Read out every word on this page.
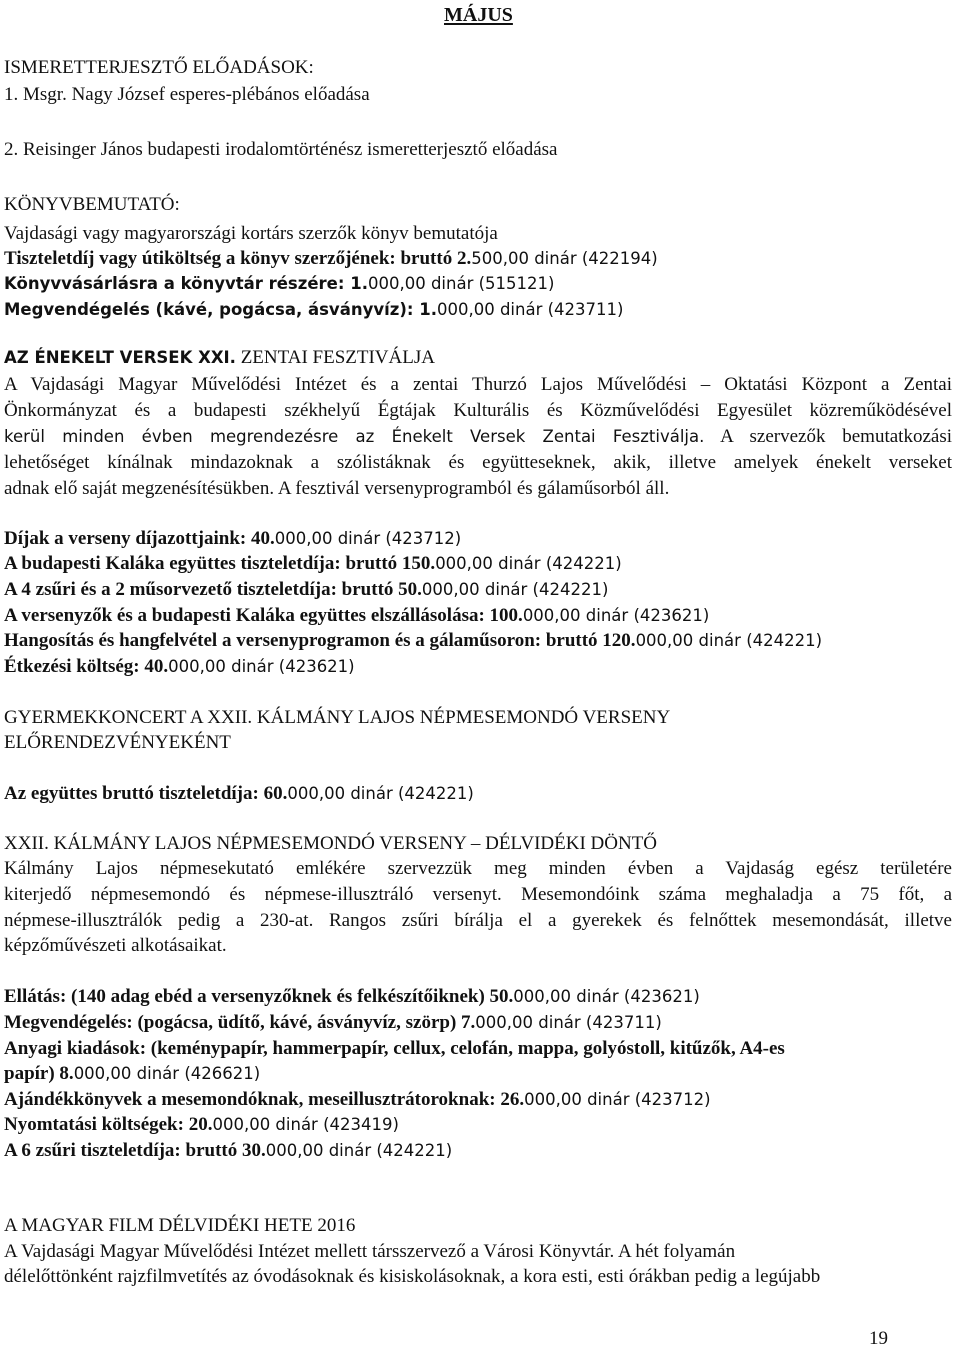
MÁJUS
ISMERETTERJESZTŐ ELŐADÁSOK:
1. Msgr. Nagy József esperes-plébános előadása
2. Reisinger János budapesti irodalomtörténész ismeretterjesztő előadása
KÖNYVBEMUTATÓ:
Vajdasági vagy magyarországi kortárs szerzők könyv bemutatója
Tiszteletdíj vagy útiköltség a könyv szerzőjének: bruttó 2.500,00 dinár (422194)
Könyvvásárlásra a könyvtár részére: 1.000,00 dinár (515121)
Megvendégelés (kávé, pogácsa, ásványvíz): 1.000,00 dinár (423711)
AZ ÉNEKELT VERSEK XXI. ZENTAI FESZTIVÁLJA
A Vajdasági Magyar Művelődési Intézet és a zentai Thurzó Lajos Művelődési – Oktatási Központ a Zentai
Önkormányzat és a budapesti székhelyű Égtájak Kulturális és Közművelődési Egyesület közreműködésével
kerül minden évben megrendezésre az Énekelt Versek Zentai Fesztiválja. A szervezők bemutatkozási
lehetőséget kínálnak mindazoknak a szólistáknak és együtteseknek, akik, illetve amelyek énekelt verseket
adnak elő saját megzenésítésükben. A fesztivál versenyprogramból és gálaműsorból áll.
Díjak a verseny díjazottjaink: 40.000,00 dinár (423712)
A budapesti Kaláka együttes tiszteletdíja: bruttó 150.000,00 dinár (424221)
A 4 zsűri és a 2 műsorvezető tiszteletdíja: bruttó 50.000,00 dinár (424221)
A versenyzők és a budapesti Kaláka együttes elszállásolása: 100.000,00 dinár (423621)
Hangosítás és hangfelvétel a versenyprogramon és a gálaműsoron: bruttó 120.000,00 dinár (424221)
Étkezési költség: 40.000,00 dinár (423621)
GYERMEKKONCERT A XXII. KÁLMÁNY LAJOS NÉPMESEMONDÓ VERSENY
ELŐRENDEZVÉNYEKÉNT
Az együttes bruttó tiszteletdíja: 60.000,00 dinár (424221)
XXII. KÁLMÁNY LAJOS NÉPMESEMONDÓ VERSENY – DÉLVIDÉKI DÖNTŐ
Kálmány Lajos népmesekutató emlékére szervezzük meg minden évben a Vajdaság egész területére
kiterjedő népmesemondó és népmese-illusztráló versenyt. Mesemondóink száma meghaladja a 75 főt, a
népmese-illusztrálók pedig a 230-at. Rangos zsűri bírálja el a gyerekek és felnőttek mesemondását, illetve
képzőművészeti alkotásaikat.
Ellátás: (140 adag ebéd a versenyzőknek és felkészítőiknek) 50.000,00 dinár (423621)
Megvendégelés: (pogácsa, üdítő, kávé, ásványvíz, szörp) 7.000,00 dinár (423711)
Anyagi kiadások: (keménypapír, hammerpapír, cellux, celofán, mappa, golyóstoll, kitűzők, A4-es
papír) 8.000,00 dinár (426621)
Ajándékkönyvek a mesemondóknak, meseillusztrátoroknak: 26.000,00 dinár (423712)
Nyomtatási költségek: 20.000,00 dinár (423419)
A 6 zsűri tiszteletdíja: bruttó 30.000,00 dinár (424221)
A MAGYAR FILM DÉLVIDÉKI HETE 2016
A Vajdasági Magyar Művelődési Intézet mellett társszervező a Városi Könyvtár. A hét folyamán
délelőttönként rajzfilmvetítés az óvodásoknak és kisiskolásoknak, a kora esti, esti órákban pedig a legújabb
19
